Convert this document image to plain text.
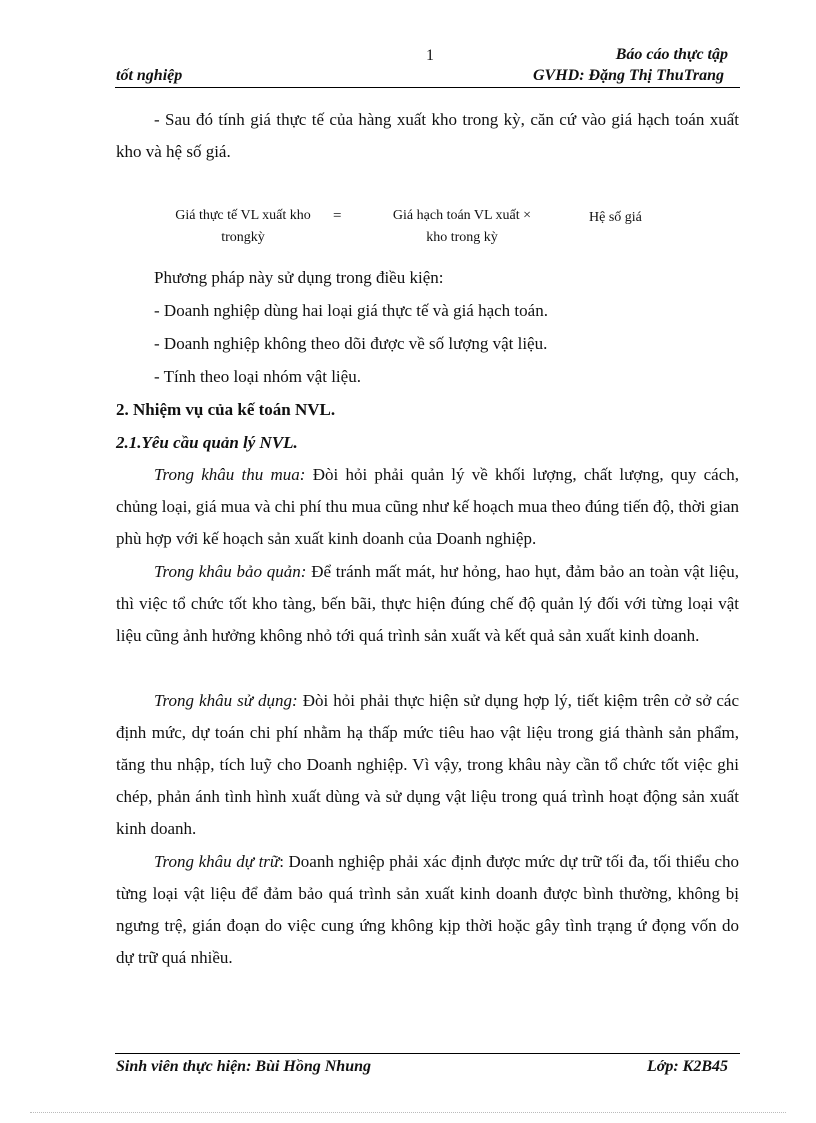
1	Báo cáo thực tập
tốt nghiệp	GVHD: Đặng Thị ThuTrang

- Sau đó tính giá thực tế của hàng xuất kho trong kỳ, căn cứ vào giá hạch toán xuất kho và hệ số giá.

Giá thực tế VL xuất kho
trongkỳ
=	Giá hạch toán VL xuất ×
kho trong kỳ
Hệ số giá
Phương pháp này sử dụng trong điều kiện:
- Doanh nghiệp dùng hai loại giá thực tế và giá hạch toán.
- Doanh nghiệp không theo dõi được về số lượng vật liệu.
- Tính theo loại nhóm vật liệu.
2. Nhiệm vụ của kế toán NVL.
2.1.Yêu cầu quản lý NVL.

Trong khâu thu mua: Đòi hỏi phải quản lý về khối lượng, chất lượng, quy cách, chủng loại, giá mua và chi phí thu mua cũng như kế hoạch mua theo đúng tiến độ, thời gian phù hợp với kế hoạch sản xuất kinh doanh của Doanh nghiệp.

Trong khâu bảo quản: Để tránh mất mát, hư hỏng, hao hụt, đảm bảo an toàn vật liệu, thì việc tổ chức tốt kho tàng, bến bãi, thực hiện đúng chế độ quản lý đối với từng loại vật liệu cũng ảnh hưởng không nhỏ tới quá trình sản xuất và kết quả sản xuất kinh doanh.

Trong khâu sử dụng: Đòi hỏi phải thực hiện sử dụng hợp lý, tiết kiệm trên cở sở các định mức, dự toán chi phí nhằm hạ thấp mức tiêu hao vật liệu trong giá thành sản phẩm, tăng thu nhập, tích luỹ cho Doanh nghiệp. Vì vậy, trong khâu này cần tổ chức tốt việc ghi chép, phản ánh tình hình xuất dùng và sử dụng vật liệu trong quá trình hoạt động sản xuất kinh doanh.

Trong khâu dự trữ: Doanh nghiệp phải xác định được mức dự trữ tối đa, tối thiểu cho từng loại vật liệu để đảm bảo quá trình sản xuất kinh doanh được bình thường, không bị ngưng trệ, gián đoạn do việc cung ứng không kịp thời hoặc gây tình trạng ứ đọng vốn do dự trữ quá nhiều.

Sinh viên thực hiện: Bùi Hồng Nhung	Lớp: K2B45
